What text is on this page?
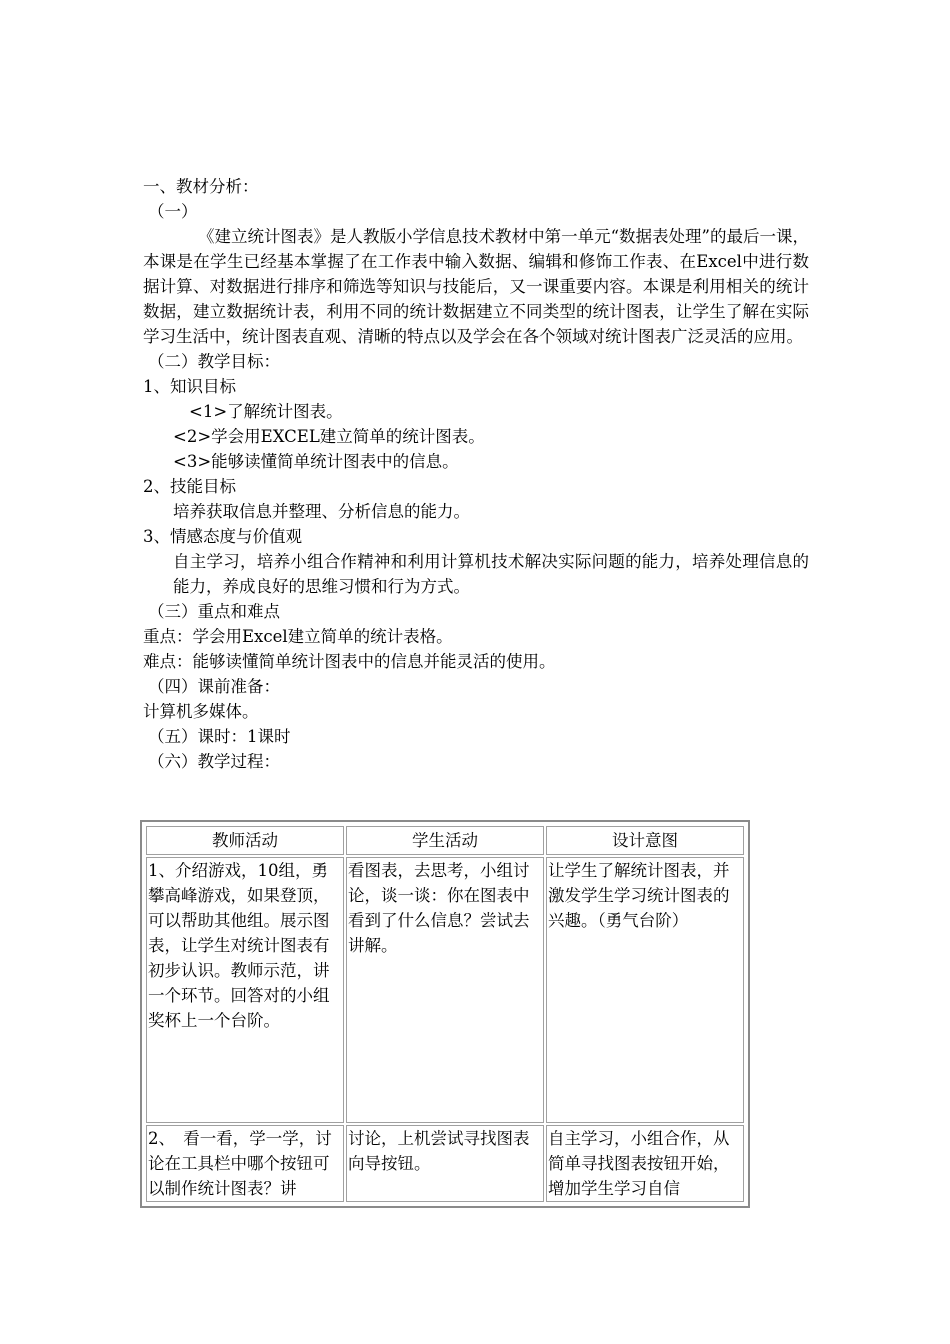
一、教材分析：

（一）

《建立统计图表》是人教版小学信息技术教材中第一单元“数据表处理”的最后一课，本课是在学生已经基本掌握了在工作表中输入数据、编辑和修饰工作表、在Excel中进行数据计算、对数据进行排序和筛选等知识与技能后，又一课重要内容。本课是利用相关的统计数据，建立数据统计表，利用不同的统计数据建立不同类型的统计图表，让学生了解在实际学习生活中，统计图表直观、清晰的特点以及学会在各个领域对统计图表广泛灵活的应用。

（二）教学目标：

1、知识目标

<1>了解统计图表。

<2>学会用EXCEL建立简单的统计图表。

<3>能够读懂简单统计图表中的信息。

2、技能目标

培养获取信息并整理、分析信息的能力。

3、情感态度与价值观

自主学习，培养小组合作精神和利用计算机技术解决实际问题的能力，培养处理信息的能力，养成良好的思维习惯和行为方式。

（三）重点和难点

重点：学会用Excel建立简单的统计表格。

难点：能够读懂简单统计图表中的信息并能灵活的使用。

（四）课前准备：

计算机多媒体。

（五）课时：1课时

（六）教学过程：

教师活动	学生活动	设计意图

1、介绍游戏，10组，勇攀高峰游戏，如果登顶，可以帮助其他组。展示图表，让学生对统计图表有初步认识。教师示范，讲一个环节。回答对的小组奖杯上一个台阶。	看图表，去思考，小组讨论，谈一谈：你在图表中看到了什么信息？尝试去讲解。	让学生了解统计图表，并激发学生学习统计图表的兴趣。（勇气台阶）

2、　看一看，学一学，讨论在工具栏中哪个按钮可以制作统计图表？讲	讨论，上机尝试寻找图表向导按钮。	自主学习，小组合作，从简单寻找图表按钮开始，增加学生学习自信
